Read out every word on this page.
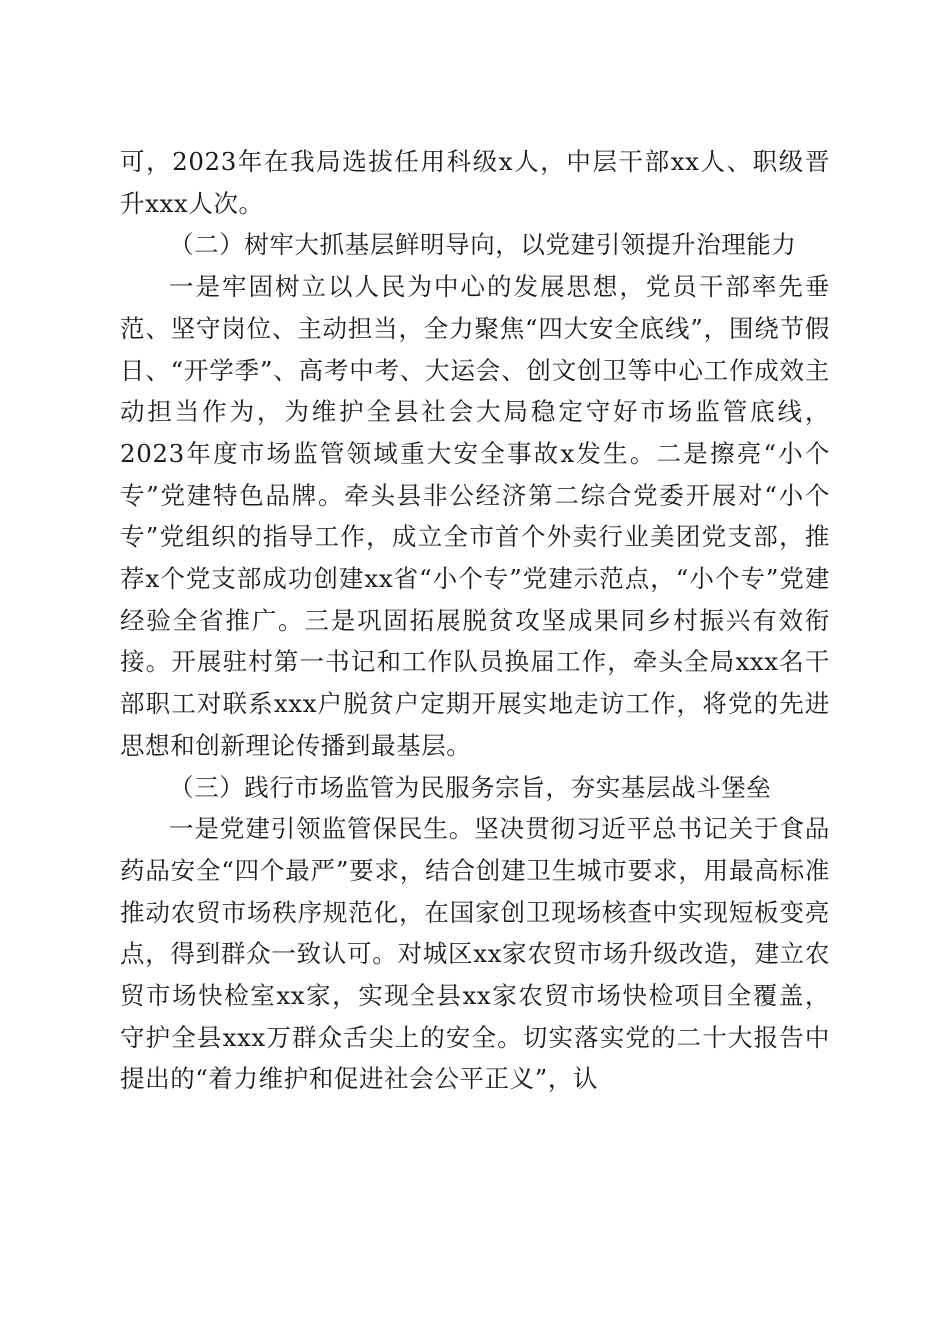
可，2023年在我局选拔任用科级x人，中层干部xx人、职级晋升xxx人次。

（二）树牢大抓基层鲜明导向，以党建引领提升治理能力

一是牢固树立以人民为中心的发展思想，党员干部率先垂范、坚守岗位、主动担当，全力聚焦“四大安全底线”，围绕节假日、“开学季”、高考中考、大运会、创文创卫等中心工作成效主动担当作为，为维护全县社会大局稳定守好市场监管底线，2023年度市场监管领域重大安全事故x发生。二是擦亮“小个专”党建特色品牌。牵头县非公经济第二综合党委开展对“小个专”党组织的指导工作，成立全市首个外卖行业美团党支部，推荐x个党支部成功创建xx省“小个专”党建示范点，“小个专”党建经验全省推广。三是巩固拓展脱贫攻坚成果同乡村振兴有效衔接。开展驻村第一书记和工作队员换届工作，牵头全局xxx名干部职工对联系xxx户脱贫户定期开展实地走访工作，将党的先进思想和创新理论传播到最基层。

（三）践行市场监管为民服务宗旨，夯实基层战斗堡垒

一是党建引领监管保民生。坚决贯彻习近平总书记关于食品药品安全“四个最严”要求，结合创建卫生城市要求，用最高标准推动农贸市场秩序规范化，在国家创卫现场核查中实现短板变亮点，得到群众一致认可。对城区xx家农贸市场升级改造，建立农贸市场快检室xx家，实现全县xx家农贸市场快检项目全覆盖，守护全县xxx万群众舌尖上的安全。切实落实党的二十大报告中提出的“着力维护和促进社会公平正义”，认
